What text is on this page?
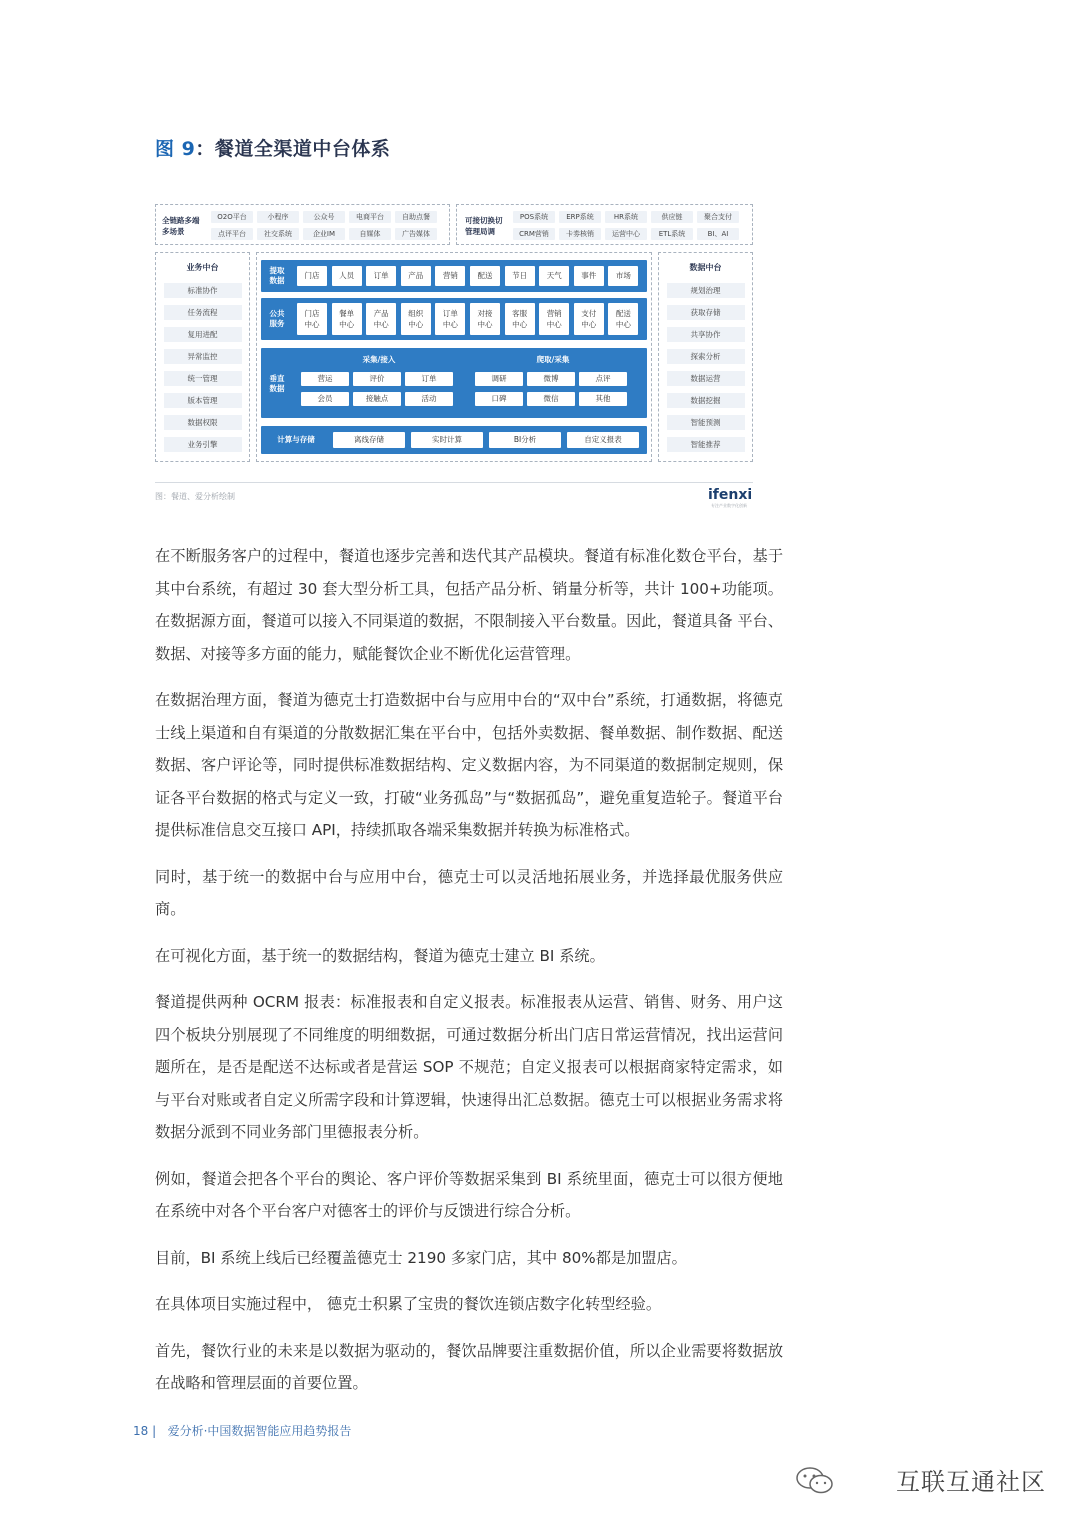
图 9：餐道全渠道中台体系
全链路多端
多场景
O2O平台	小程序	公众号	电商平台	自助点餐
点评平台	社交系统	企业IM	自媒体	广告媒体
可接切换切
管理局调
POS系统	ERP系统	HR系统	供应链	聚合支付
CRM营销	卡劵核销	运营中心	ETL系统	BI、AI
业务中台
标准协作
任务流程
复用进配
异常监控
统一管理
版本管理
数据权限
业务引擎
数据中台
规划治理
获取存储
共享协作
探索分析
数据运营
数据挖掘
智能预测
智能推荐
提取
数据
门店	人员	订单	产品	营销	配送	节日	天气	事件	市场
公共
服务
门店
中心
餐单
中心
产品
中心
组织
中心
订单
中心
对接
中心
客服
中心
营销
中心
支付
中心
配送
中心
垂直
数据
采集/接入	爬取/采集
营运	评价	订单
会员	接触点	活动
调研	微博	点评
口碑	微信	其他
计算与存储	离线存储	实时计算	BI分析	自定义报表
图：餐道、爱分析绘制	ifenxi
专注产业数字化创新

在不断服务客户的过程中，餐道也逐步完善和迭代其产品模块。餐道有标准化数仓平台，基于其中台系统，有超过 30 套大型分析工具，包括产品分析、销量分析等，共计 100+功能项。在数据源方面，餐道可以接入不同渠道的数据，不限制接入平台数量。因此，餐道具备 平台、数据、对接等多方面的能力，赋能餐饮企业不断优化运营管理。

在数据治理方面，餐道为德克士打造数据中台与应用中台的“双中台”系统，打通数据，将德克士线上渠道和自有渠道的分散数据汇集在平台中，包括外卖数据、餐单数据、制作数据、配送数据、客户评论等，同时提供标准数据结构、定义数据内容，为不同渠道的数据制定规则，保证各平台数据的格式与定义一致，打破“业务孤岛”与“数据孤岛”，避免重复造轮子。餐道平台提供标准信息交互接口 API，持续抓取各端采集数据并转换为标准格式。

同时，基于统一的数据中台与应用中台，德克士可以灵活地拓展业务，并选择最优服务供应商。

在可视化方面，基于统一的数据结构，餐道为德克士建立 BI 系统。

餐道提供两种 OCRM 报表：标准报表和自定义报表。标准报表从运营、销售、财务、用户这四个板块分别展现了不同维度的明细数据，可通过数据分析出门店日常运营情况，找出运营问题所在，是否是配送不达标或者是营运 SOP 不规范；自定义报表可以根据商家特定需求，如与平台对账或者自定义所需字段和计算逻辑，快速得出汇总数据。德克士可以根据业务需求将数据分派到不同业务部门里德报表分析。

例如，餐道会把各个平台的舆论、客户评价等数据采集到 BI 系统里面，德克士可以很方便地在系统中对各个平台客户对德客士的评价与反馈进行综合分析。

目前，BI 系统上线后已经覆盖德克士 2190 多家门店，其中 80%都是加盟店。

在具体项目实施过程中， 德克士积累了宝贵的餐饮连锁店数字化转型经验。

首先，餐饮行业的未来是以数据为驱动的，餐饮品牌要注重数据价值，所以企业需要将数据放在战略和管理层面的首要位置。

18 |   爱分析·中国数据智能应用趋势报告
互联互通社区
